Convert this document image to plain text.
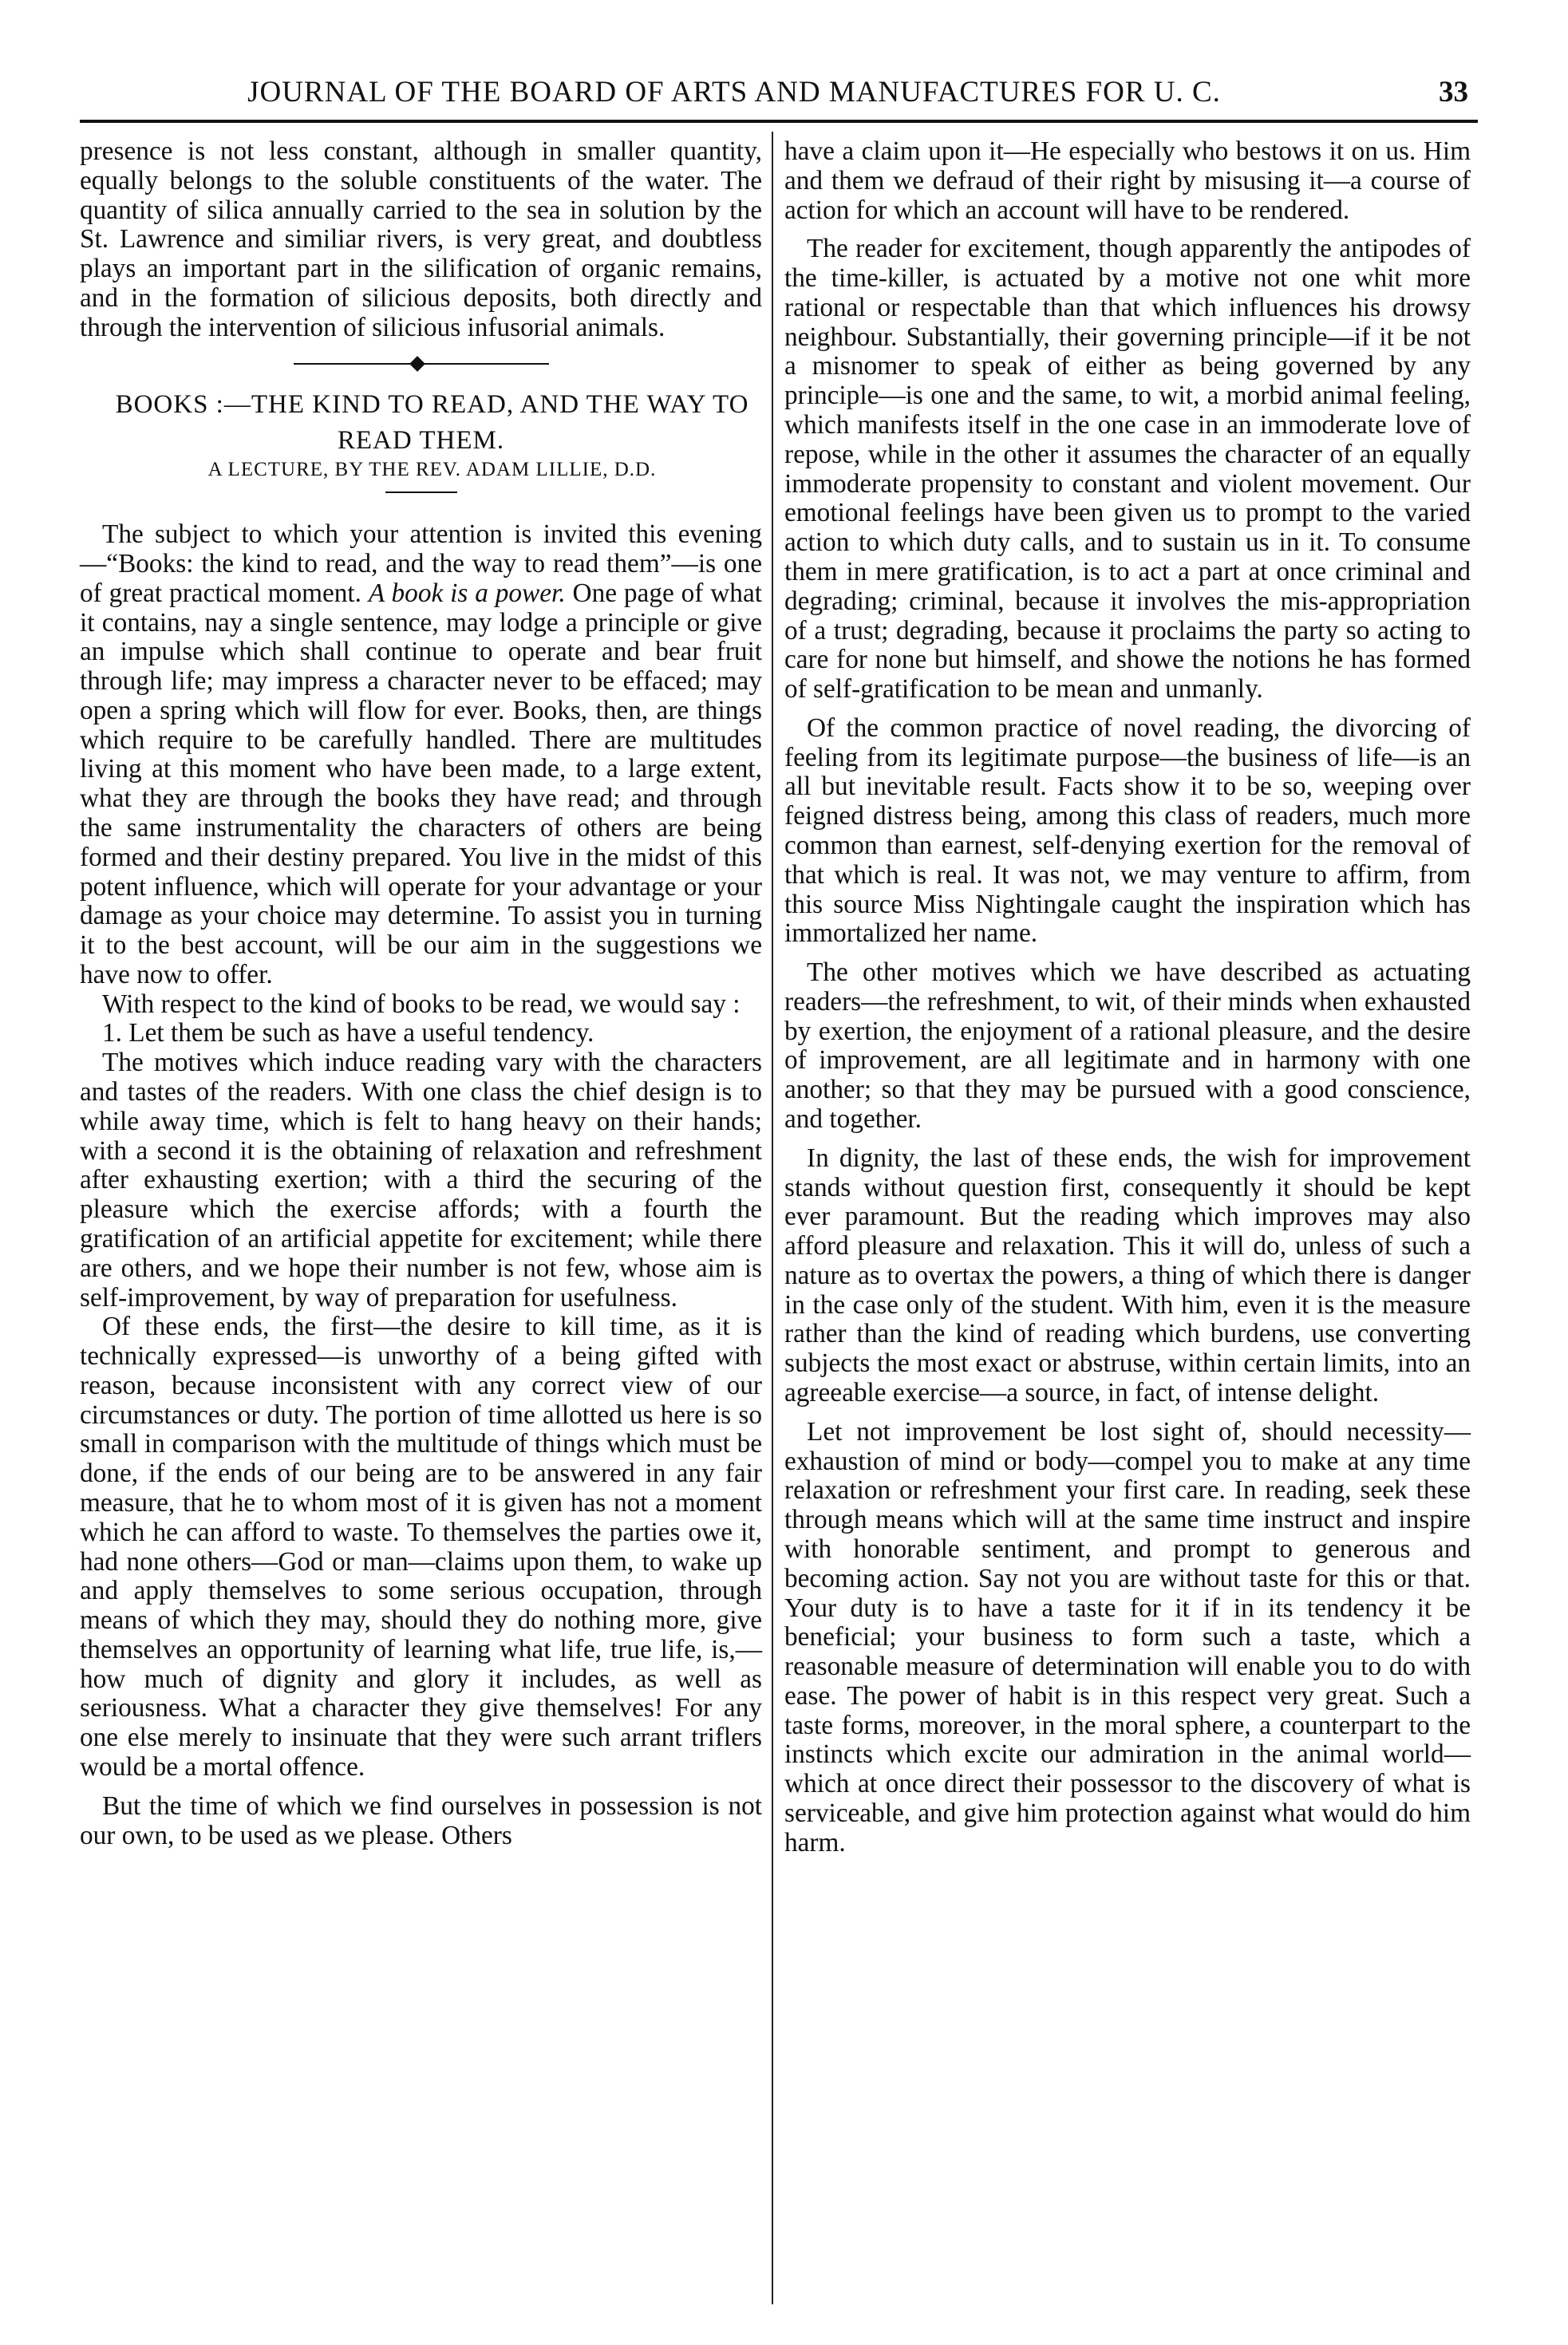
JOURNAL OF THE BOARD OF ARTS AND MANUFACTURES FOR U. C.	33

presence is not less constant, although in smaller quantity, equally belongs to the soluble constituents of the water. The quantity of silica annually carried to the sea in solution by the St. Lawrence and similiar rivers, is very great, and doubtless plays an important part in the silification of organic remains, and in the formation of silicious deposits, both directly and through the intervention of silicious infusorial animals.

BOOKS :—THE KIND TO READ, AND THE WAY TO READ THEM.

A LECTURE, BY THE REV. ADAM LILLIE, D.D.

The subject to which your attention is invited this evening—“Books: the kind to read, and the way to read them”—is one of great practical moment. A book is a power. One page of what it contains, nay a single sentence, may lodge a principle or give an impulse which shall continue to operate and bear fruit through life; may impress a character never to be effaced; may open a spring which will flow for ever. Books, then, are things which require to be carefully handled. There are multitudes living at this moment who have been made, to a large extent, what they are through the books they have read; and through the same instrumentality the characters of others are being formed and their destiny prepared. You live in the midst of this potent influence, which will operate for your advantage or your damage as your choice may determine. To assist you in turning it to the best account, will be our aim in the suggestions we have now to offer.

With respect to the kind of books to be read, we would say :

1. Let them be such as have a useful tendency.

The motives which induce reading vary with the characters and tastes of the readers. With one class the chief design is to while away time, which is felt to hang heavy on their hands; with a second it is the obtaining of relaxation and refreshment after exhausting exertion; with a third the securing of the pleasure which the exercise affords; with a fourth the gratification of an artificial appetite for excitement; while there are others, and we hope their number is not few, whose aim is self-improvement, by way of preparation for usefulness.

Of these ends, the first—the desire to kill time, as it is technically expressed—is unworthy of a being gifted with reason, because inconsistent with any correct view of our circumstances or duty. The portion of time allotted us here is so small in comparison with the multitude of things which must be done, if the ends of our being are to be answered in any fair measure, that he to whom most of it is given has not a moment which he can afford to waste. To themselves the parties owe it, had none others—God or man—claims upon them, to wake up and apply themselves to some serious occupation, through means of which they may, should they do nothing more, give themselves an opportunity of learning what life, true life, is,—how much of dignity and glory it includes, as well as seriousness. What a character they give themselves! For any one else merely to insinuate that they were such arrant triflers would be a mortal offence.

But the time of which we find ourselves in possession is not our own, to be used as we please. Others

have a claim upon it—He especially who bestows it on us. Him and them we defraud of their right by misusing it—a course of action for which an account will have to be rendered.

The reader for excitement, though apparently the antipodes of the time-killer, is actuated by a motive not one whit more rational or respectable than that which influences his drowsy neighbour. Substantially, their governing principle—if it be not a misnomer to speak of either as being governed by any principle—is one and the same, to wit, a morbid animal feeling, which manifests itself in the one case in an immoderate love of repose, while in the other it assumes the character of an equally immoderate propensity to constant and violent movement. Our emotional feelings have been given us to prompt to the varied action to which duty calls, and to sustain us in it. To consume them in mere gratification, is to act a part at once criminal and degrading; criminal, because it involves the mis-appropriation of a trust; degrading, because it proclaims the party so acting to care for none but himself, and showe the notions he has formed of self-gratification to be mean and unmanly.

Of the common practice of novel reading, the divorcing of feeling from its legitimate purpose—the business of life—is an all but inevitable result. Facts show it to be so, weeping over feigned distress being, among this class of readers, much more common than earnest, self-denying exertion for the removal of that which is real. It was not, we may venture to affirm, from this source Miss Nightingale caught the inspiration which has immortalized her name.

The other motives which we have described as actuating readers—the refreshment, to wit, of their minds when exhausted by exertion, the enjoyment of a rational pleasure, and the desire of improvement, are all legitimate and in harmony with one another; so that they may be pursued with a good conscience, and together.

In dignity, the last of these ends, the wish for improvement stands without question first, consequently it should be kept ever paramount. But the reading which improves may also afford pleasure and relaxation. This it will do, unless of such a nature as to overtax the powers, a thing of which there is danger in the case only of the student. With him, even it is the measure rather than the kind of reading which burdens, use converting subjects the most exact or abstruse, within certain limits, into an agreeable exercise—a source, in fact, of intense delight.

Let not improvement be lost sight of, should necessity—exhaustion of mind or body—compel you to make at any time relaxation or refreshment your first care. In reading, seek these through means which will at the same time instruct and inspire with honorable sentiment, and prompt to generous and becoming action. Say not you are without taste for this or that. Your duty is to have a taste for it if in its tendency it be beneficial; your business to form such a taste, which a reasonable measure of determination will enable you to do with ease. The power of habit is in this respect very great. Such a taste forms, moreover, in the moral sphere, a counterpart to the instincts which excite our admiration in the animal world—which at once direct their possessor to the discovery of what is serviceable, and give him protection against what would do him harm.
